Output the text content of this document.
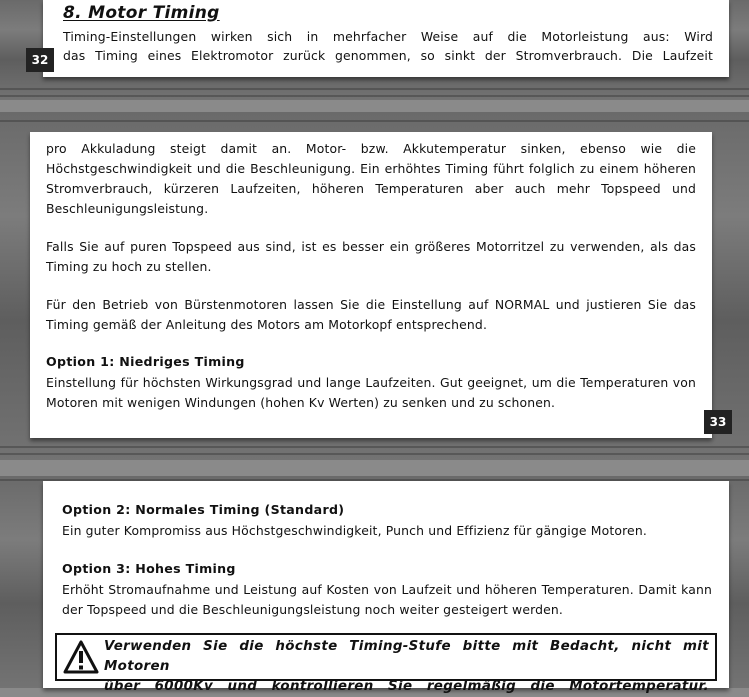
8. Motor Timing

Timing-Einstellungen wirken sich in mehrfacher Weise auf die Motorleistung aus: Wird

das Timing eines Elektromotor zurück genommen, so sinkt der Stromverbrauch. Die Laufzeit

32

pro Akkuladung steigt damit an. Motor- bzw. Akkutemperatur sinken, ebenso wie die Höchstgeschwindigkeit und die Beschleunigung. Ein erhöhtes Timing führt folglich zu einem höheren Stromverbrauch, kürzeren Laufzeiten, höheren Temperaturen aber auch mehr Topspeed und Beschleunigungsleistung.

Falls Sie auf puren Topspeed aus sind, ist es besser ein größeres Motorritzel zu verwenden, als das Timing zu hoch zu stellen.

Für den Betrieb von Bürstenmotoren lassen Sie die Einstellung auf NORMAL und justieren Sie das Timing gemäß der Anleitung des Motors am Motorkopf entsprechend.

Option 1: Niedriges Timing

Einstellung für höchsten Wirkungsgrad und lange Laufzeiten. Gut geeignet, um die Temperaturen von Motoren mit wenigen Windungen (hohen Kv Werten) zu senken und zu schonen.

33

Option 2: Normales Timing (Standard)

Ein guter Kompromiss aus Höchstgeschwindigkeit, Punch und Effizienz für gängige Motoren.

Option 3: Hohes Timing

Erhöht Stromaufnahme und Leistung auf Kosten von Laufzeit und höheren Temperaturen. Damit kann der Topspeed und die Beschleunigungsleistung noch weiter gesteigert werden.

Verwenden Sie die höchste Timing-Stufe bitte mit Bedacht, nicht mit Motoren
über 6000Kv und kontrollieren Sie regelmäßig die Motortemperatur.
